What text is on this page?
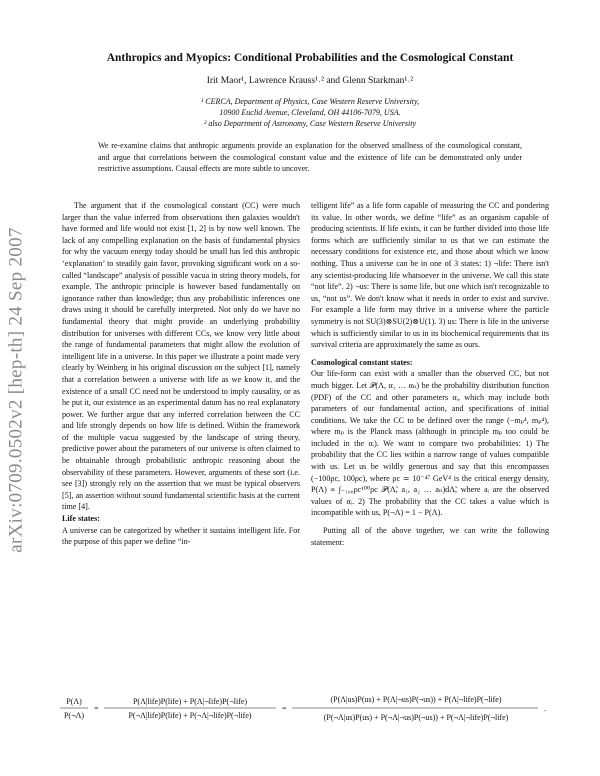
arXiv:0709.0502v2 [hep-th] 24 Sep 2007
Anthropics and Myopics: Conditional Probabilities and the Cosmological Constant
Irit Maor¹, Lawrence Krauss¹˒² and Glenn Starkman¹˒²
¹ CERCA, Department of Physics, Case Western Reserve University,
10900 Euclid Avenue, Cleveland, OH 44106-7079, USA.
² also Department of Astronomy, Case Western Reserve University

We re-examine claims that anthropic arguments provide an explanation for the observed smallness of the cosmological constant, and argue that correlations between the cosmological constant value and the existence of life can be demonstrated only under restrictive assumptions. Causal effects are more subtle to uncover.

The argument that if the cosmological constant (CC) were much larger than the value inferred from observations then galaxies wouldn't have formed and life would not exist [1, 2] is by now well known. The lack of any compelling explanation on the basis of fundamental physics for why the vacuum energy today should be small has led this anthropic ‘explanation’ to steadily gain favor, provoking significant work on a so-called “landscape” analysis of possible vacua in string theory models, for example. The anthropic principle is however based fundamentally on ignorance rather than knowledge; thus any probabilistic inferences one draws using it should be carefully interpreted. Not only do we have no fundamental theory that might provide an underlying probability distribution for universes with different CCs, we know very little about the range of fundamental parameters that might allow the evolution of intelligent life in a universe. In this paper we illustrate a point made very clearly by Weinberg in his original discussion on the subject [1], namely that a correlation between a universe with life as we know it, and the existence of a small CC need not be understood to imply causality, or as he put it, our existence as an experimental datum has no real explanatory power. We further argue that any inferred correlation between the CC and life strongly depends on how life is defined. Within the framework of the multiple vacua suggested by the landscape of string theory, predictive power about the parameters of our universe is often claimed to be obtainable through probabilistic anthropic reasoning about the observability of these parameters. However, arguments of these sort (i.e. see [3]) strongly rely on the assertion that we must be typical observers [5], an assertion without sound fundamental scientific basis at the current time [4].

Life states:

A universe can be categorized by whether it sustains intelligent life. For the purpose of this paper we define “in-

telligent life” as a life form capable of measuring the CC and pondering its value. In other words, we define “life” as an organism capable of producing scientists. If life exists, it can be further divided into those life forms which are sufficiently similar to us that we can estimate the necessary conditions for existence etc, and those about which we know nothing. Thus a universe can be in one of 3 states: 1) ¬life: There isn't any scientist-producing life whatsoever in the universe. We call this state “not life”. 2) ¬us: There is some life, but one which isn't recognizable to us, “not us”. We don't know what it needs in order to exist and survive. For example a life form may thrive in a universe where the particle symmetry is not SU(3)⊗SU(2)⊗U(1). 3) us: There is life in the universe which is sufficiently similar to us in its biochemical requirements that its survival criteria are approximately the same as ours.

Cosmological constant states:

Our life-form can exist with a smaller than the observed CC, but not much bigger. Let 𝒫(Λ, α₁ … αₙ) be the probability distribution function (PDF) of the CC and other parameters αᵢ, which may include both parameters of our fundamental action, and specifications of initial conditions. We take the CC to be defined over the range (−mₚ⁴, mₚ⁴), where mₚ is the Planck mass (although in principle mₚ too could be included in the αᵢ). We want to compare two probabilities: 1) The probability that the CC lies within a narrow range of values compatible with us. Let us be wildly generous and say that this encompasses (−100ρc, 100ρc), where ρc ≃ 10⁻⁴⁷ GeV⁴ is the critical energy density, P(Λ) ≡ ∫₋₁₀₀ρc¹⁰⁰ρc 𝒫(Λ̃, a₁, a₂ … aₙ)dΛ̃, where aᵢ are the observed values of αᵢ. 2) The probability that the CC takes a value which is incompatible with us, P(¬Λ) = 1 − P(Λ).

Putting all of the above together, we can write the following statement:

P(Λ)
P(¬Λ)
=
P(Λ|life)P(life) + P(Λ|¬life)P(¬life)
P(¬Λ|life)P(life) + P(¬Λ|¬life)P(¬life)
=
(P(Λ|us)P(us) + P(Λ|¬us)P(¬us)) + P(Λ|¬life)P(¬life)
(P(¬Λ|us)P(us) + P(¬Λ|¬us)P(¬us)) + P(¬Λ|¬life)P(¬life)
.
